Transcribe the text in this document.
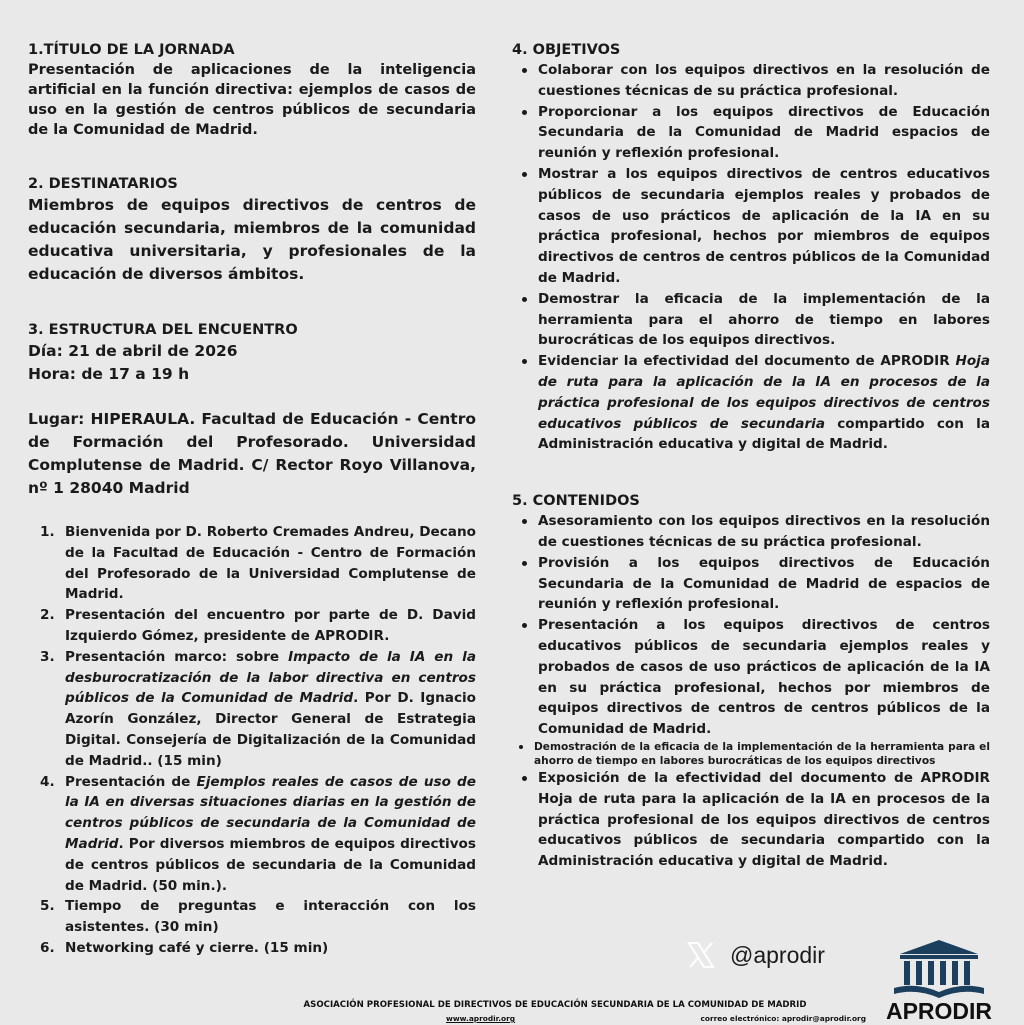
1.TÍTULO DE LA JORNADA

Presentación de aplicaciones de la inteligencia artificial en la función directiva: ejemplos de casos de uso en la gestión de centros públicos de secundaria de la Comunidad de Madrid.

2. DESTINATARIOS

Miembros de equipos directivos de centros de educación secundaria, miembros de la comunidad educativa universitaria, y profesionales de la educación de diversos ámbitos.

3. ESTRUCTURA DEL ENCUENTRO

Día: 21 de abril de 2026

Hora: de 17 a 19 h

Lugar: HIPERAULA. Facultad de Educación - Centro de Formación del Profesorado. Universidad Complutense de Madrid. C/ Rector Royo Villanova, nº 1 28040 Madrid

1. Bienvenida por D. Roberto Cremades Andreu, Decano de la Facultad de Educación - Centro de Formación del Profesorado de la Universidad Complutense de Madrid.
2. Presentación del encuentro por parte de D. David Izquierdo Gómez, presidente de APRODIR.
3. Presentación marco: sobre Impacto de la IA en la desburocratización de la labor directiva en centros públicos de la Comunidad de Madrid. Por D. Ignacio Azorín González, Director General de Estrategia Digital. Consejería de Digitalización de la Comunidad de Madrid.. (15 min)
4. Presentación de Ejemplos reales de casos de uso de la IA en diversas situaciones diarias en la gestión de centros públicos de secundaria de la Comunidad de Madrid. Por diversos miembros de equipos directivos de centros públicos de secundaria de la Comunidad de Madrid. (50 min.).
5. Tiempo de preguntas e interacción con los asistentes. (30 min)
6. Networking café y cierre. (15 min)

4. OBJETIVOS

Colaborar con los equipos directivos en la resolución de cuestiones técnicas de su práctica profesional.
Proporcionar a los equipos directivos de Educación Secundaria de la Comunidad de Madrid espacios de reunión y reflexión profesional.
Mostrar a los equipos directivos de centros educativos públicos de secundaria ejemplos reales y probados de casos de uso prácticos de aplicación de la IA en su práctica profesional, hechos por miembros de equipos directivos de centros de centros públicos de la Comunidad de Madrid.
Demostrar la eficacia de la implementación de la herramienta para el ahorro de tiempo en labores burocráticas de los equipos directivos.
Evidenciar la efectividad del documento de APRODIR Hoja de ruta para la aplicación de la IA en procesos de la práctica profesional de los equipos directivos de centros educativos públicos de secundaria compartido con la Administración educativa y digital de Madrid.

5. CONTENIDOS

Asesoramiento con los equipos directivos en la resolución de cuestiones técnicas de su práctica profesional.
Provisión a los equipos directivos de Educación Secundaria de la Comunidad de Madrid de espacios de reunión y reflexión profesional.
Presentación a los equipos directivos de centros educativos públicos de secundaria ejemplos reales y probados de casos de uso prácticos de aplicación de la IA en su práctica profesional, hechos por miembros de equipos directivos de centros de centros públicos de la Comunidad de Madrid.
Demostración de la eficacia de la implementación de la herramienta para el ahorro de tiempo en labores burocráticas de los equipos directivos
Exposición de la efectividad del documento de APRODIR Hoja de ruta para la aplicación de la IA en procesos de la práctica profesional de los equipos directivos de centros educativos públicos de secundaria compartido con la Administración educativa y digital de Madrid.
@aprodir
APRODIR
ASOCIACIÓN PROFESIONAL DE DIRECTIVOS DE EDUCACIÓN SECUNDARIA DE LA COMUNIDAD DE MADRID
www.aprodir.org	correo electrónico: aprodir@aprodir.org
